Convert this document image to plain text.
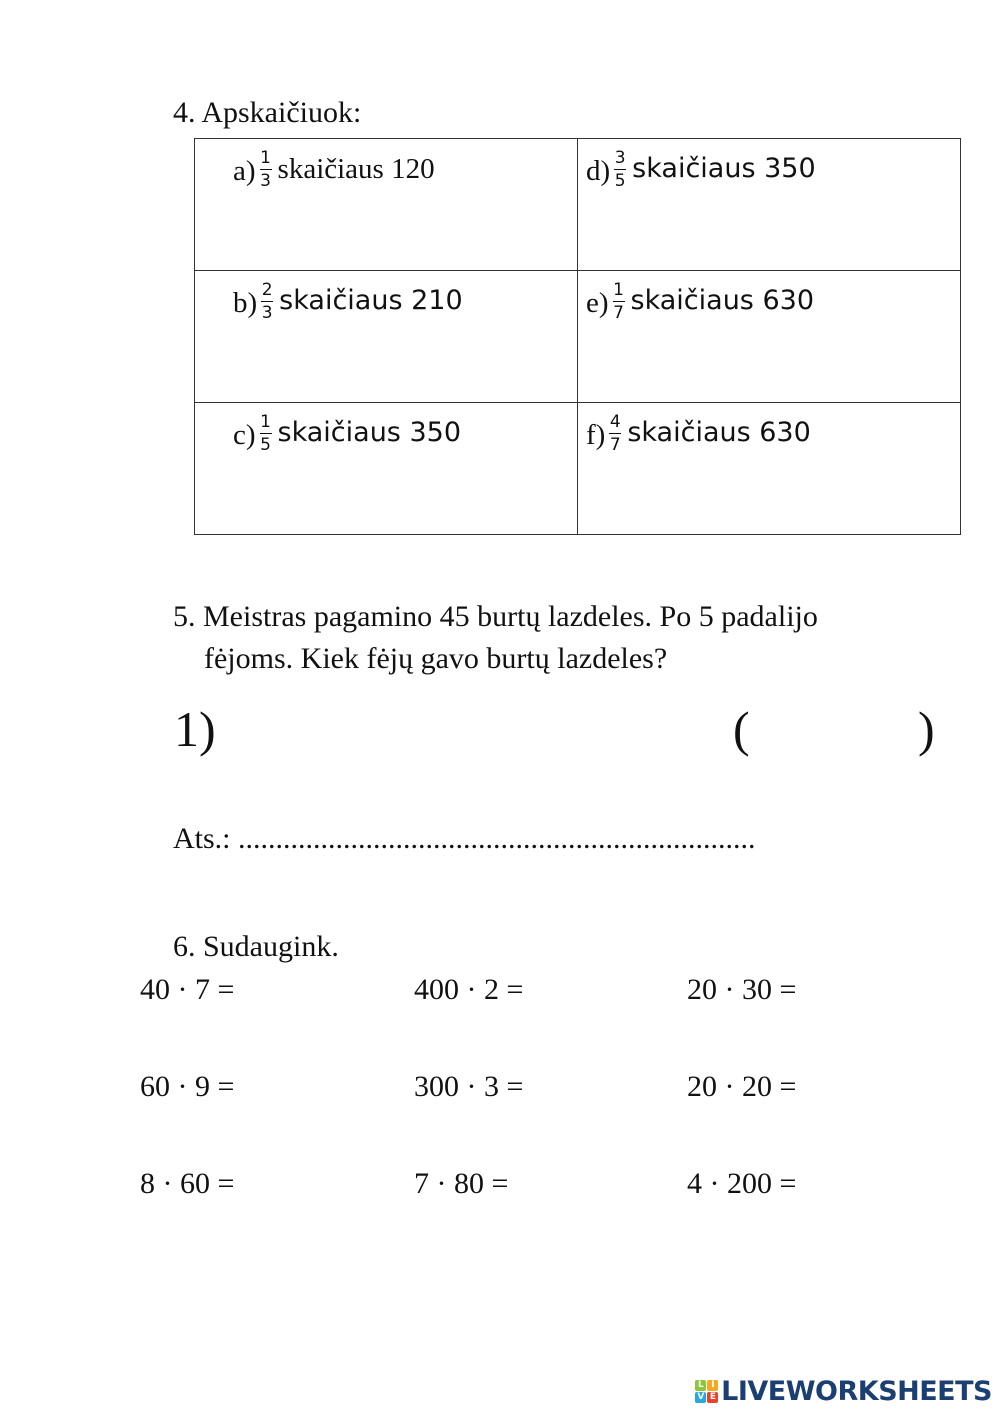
4. Apskaičiuok:
$a) \frac{1}{3}$ skaičiaus 120	$d) \frac{3}{5}$ skaičiaus 350

$b) \frac{2}{3}$ skaičiaus 210	$e) \frac{1}{7}$ skaičiaus 630

$c) \frac{1}{5}$ skaičiaus 350	$f) \frac{4}{7}$ skaičiaus 630
5. Meistras pagamino 45 burtų lazdeles. Po 5 padalijo
fėjoms. Kiek fėjų gavo burtų lazdeles?
1)	(	)
Ats.: .....................................................................
6. Sudaugink.
40 · 7 =	400 · 2 =	20 · 30 =
60 · 9 =	300 · 3 =	20 · 20 =
8 · 60 =	7 · 80 =	4 · 200 =
L I
V E LIVEWORKSHEETS
